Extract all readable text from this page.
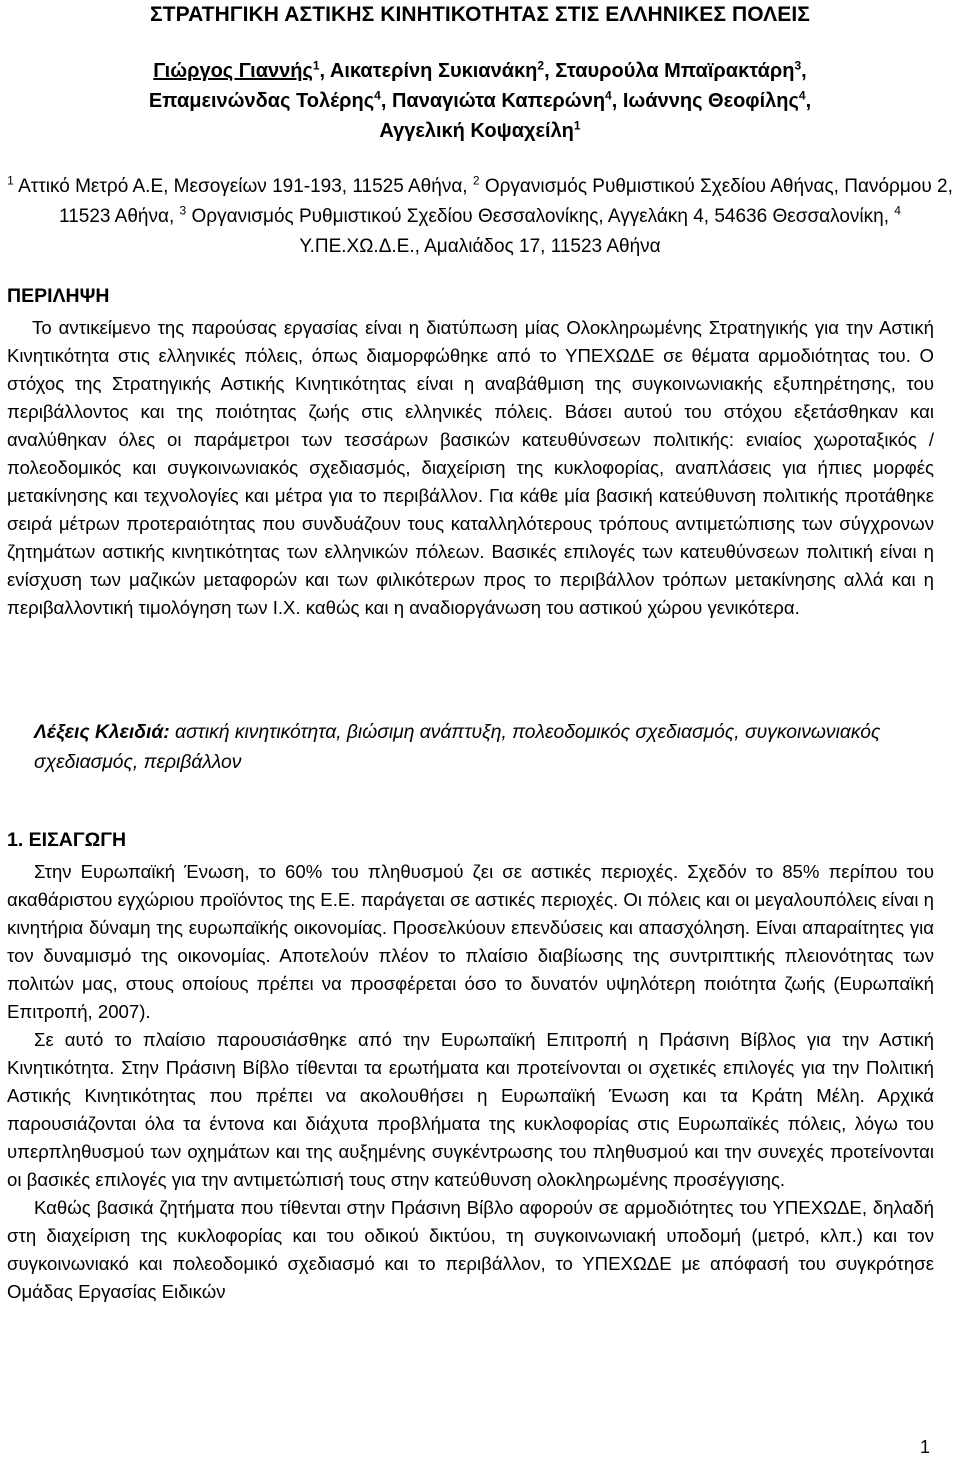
ΣΤΡΑΤΗΓΙΚΗ ΑΣΤΙΚΗΣ ΚΙΝΗΤΙΚΟΤΗΤΑΣ ΣΤΙΣ ΕΛΛΗΝΙΚΕΣ ΠΟΛΕΙΣ
Γιώργος Γιαννής$^1$, Αικατερίνη Συκιανάκη$^2$, Σταυρούλα Μπαϊρακτάρη$^3$,
Επαμεινώνδας Τολέρης$^4$, Παναγιώτα Καπερώνη$^4$, Ιωάννης Θεοφίλης$^4$,
Αγγελική Κοψαχείλη$^1$
$^1$ Αττικό Μετρό Α.Ε, Μεσογείων 191-193, 11525 Αθήνα, $^2$ Οργανισμός Ρυθμιστικού Σχεδίου Αθήνας, Πανόρμου 2, 11523 Αθήνα, $^3$ Οργανισμός Ρυθμιστικού Σχεδίου Θεσσαλονίκης, Αγγελάκη 4, 54636 Θεσσαλονίκη, $^4$ Υ.ΠΕ.ΧΩ.Δ.Ε., Αμαλιάδος 17, 11523 Αθήνα
ΠΕΡΙΛΗΨΗ

Το αντικείμενο της παρούσας εργασίας είναι η διατύπωση μίας Ολοκληρωμένης Στρατηγικής για την Αστική Κινητικότητα στις ελληνικές πόλεις, όπως διαμορφώθηκε από το ΥΠΕΧΩΔΕ σε θέματα αρμοδιότητας του. Ο στόχος της Στρατηγικής Αστικής Κινητικότητας είναι η αναβάθμιση της συγκοινωνιακής εξυπηρέτησης, του περιβάλλοντος και της ποιότητας ζωής στις ελληνικές πόλεις. Βάσει αυτού του στόχου εξετάσθηκαν και αναλύθηκαν όλες οι παράμετροι των τεσσάρων βασικών κατευθύνσεων πολιτικής: ενιαίος χωροταξικός / πολεοδομικός και συγκοινωνιακός σχεδιασμός, διαχείριση της κυκλοφορίας, αναπλάσεις για ήπιες μορφές μετακίνησης και τεχνολογίες και μέτρα για το περιβάλλον. Για κάθε μία βασική κατεύθυνση πολιτικής προτάθηκε σειρά μέτρων προτεραιότητας που συνδυάζουν τους καταλληλότερους τρόπους αντιμετώπισης των σύγχρονων ζητημάτων αστικής κινητικότητας των ελληνικών πόλεων. Βασικές επιλογές των κατευθύνσεων πολιτική είναι η ενίσχυση των μαζικών μεταφορών και των φιλικότερων προς το περιβάλλον τρόπων μετακίνησης αλλά και η περιβαλλοντική τιμολόγηση των Ι.Χ. καθώς και η αναδιοργάνωση του αστικού χώρου γενικότερα.

Λέξεις Κλειδιά: αστική κινητικότητα, βιώσιμη ανάπτυξη, πολεοδομικός σχεδιασμός, συγκοινωνιακός σχεδιασμός, περιβάλλον
1. ΕΙΣΑΓΩΓΗ

Στην Ευρωπαϊκή Ένωση, το 60% του πληθυσμού ζει σε αστικές περιοχές. Σχεδόν το 85% περίπου του ακαθάριστου εγχώριου προϊόντος της Ε.Ε. παράγεται σε αστικές περιοχές. Οι πόλεις και οι μεγαλουπόλεις είναι η κινητήρια δύναμη της ευρωπαϊκής οικονομίας. Προσελκύουν επενδύσεις και απασχόληση. Είναι απαραίτητες για τον δυναμισμό της οικονομίας. Αποτελούν πλέον το πλαίσιο διαβίωσης της συντριπτικής πλειονότητας των πολιτών μας, στους οποίους πρέπει να προσφέρεται όσο το δυνατόν υψηλότερη ποιότητα ζωής (Ευρωπαϊκή Επιτροπή, 2007).

Σε αυτό το πλαίσιο παρουσιάσθηκε από την Ευρωπαϊκή Επιτροπή η Πράσινη Βίβλος για την Αστική Κινητικότητα. Στην Πράσινη Βίβλο τίθενται τα ερωτήματα και προτείνονται οι σχετικές επιλογές για την Πολιτική Αστικής Κινητικότητας που πρέπει να ακολουθήσει η Ευρωπαϊκή Ένωση και τα Κράτη Μέλη. Αρχικά παρουσιάζονται όλα τα έντονα και διάχυτα προβλήματα της κυκλοφορίας στις Ευρωπαϊκές πόλεις, λόγω του υπερπληθυσμού των οχημάτων και της αυξημένης συγκέντρωσης του πληθυσμού και την συνεχές προτείνονται οι βασικές επιλογές για την αντιμετώπισή τους στην κατεύθυνση ολοκληρωμένης προσέγγισης.

Καθώς βασικά ζητήματα που τίθενται στην Πράσινη Βίβλο αφορούν σε αρμοδιότητες του ΥΠΕΧΩΔΕ, δηλαδή στη διαχείριση της κυκλοφορίας και του οδικού δικτύου, τη συγκοινωνιακή υποδομή (μετρό, κλπ.) και τον συγκοινωνιακό και πολεοδομικό σχεδιασμό και το περιβάλλον, το ΥΠΕΧΩΔΕ με απόφασή του συγκρότησε Ομάδας Εργασίας Ειδικών

1
